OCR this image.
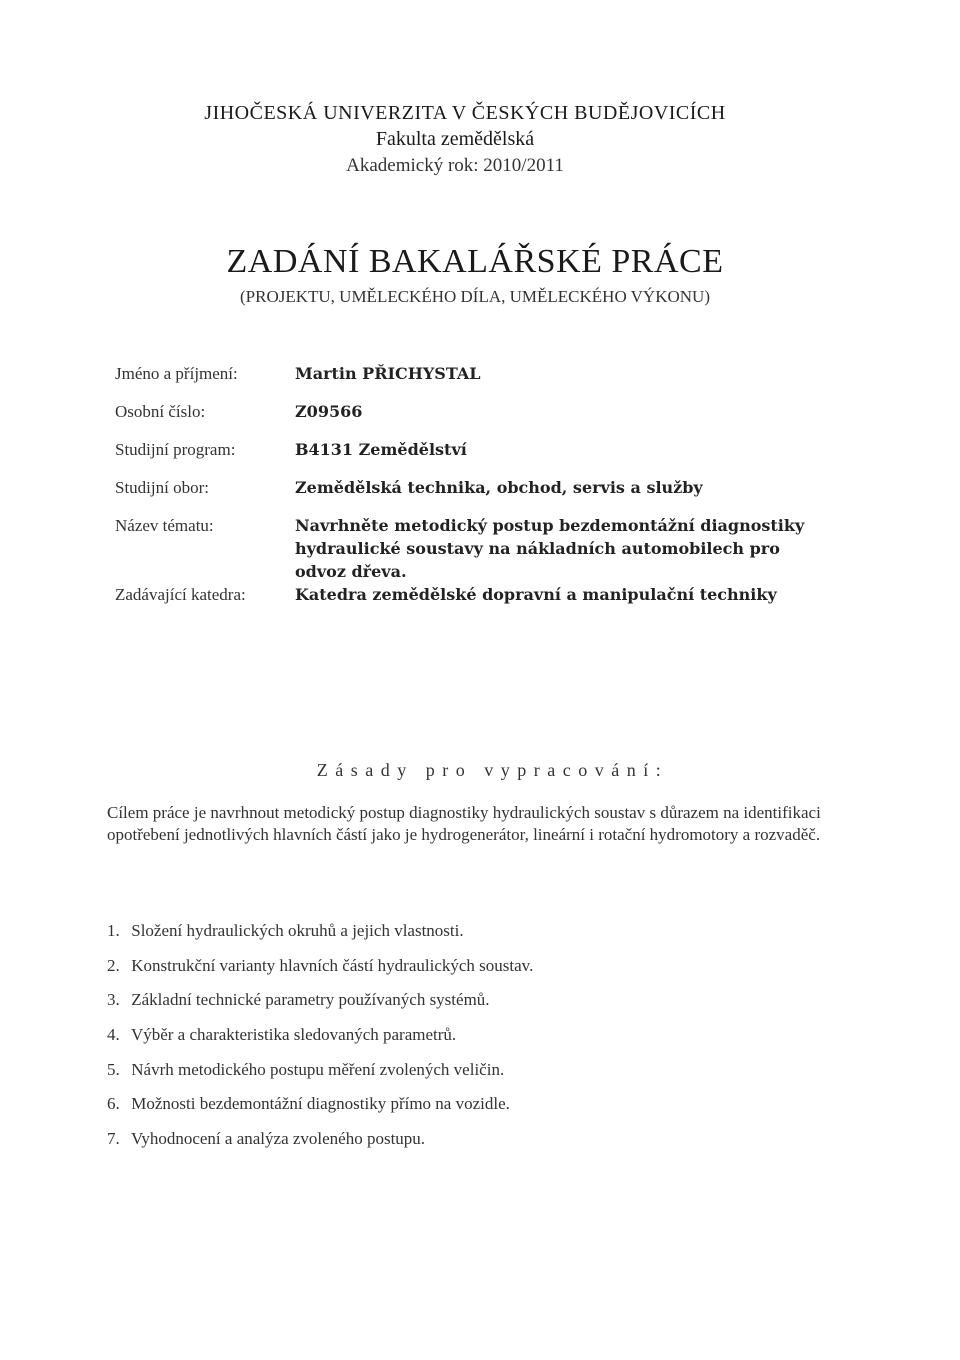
JIHOČESKÁ UNIVERZITA V ČESKÝCH BUDĚJOVICÍCH
Fakulta zemědělská
Akademický rok: 2010/2011
ZADÁNÍ BAKALÁŘSKÉ PRÁCE
(PROJEKTU, UMĚLECKÉHO DÍLA, UMĚLECKÉHO VÝKONU)
Jméno a příjmení:	Martin PŘICHYSTAL
Osobní číslo:	Z09566
Studijní program:	B4131 Zemědělství
Studijní obor:	Zemědělská technika, obchod, servis a služby
Název tématu:	Navrhněte metodický postup bezdemontážní diagnostiky hydraulické soustavy na nákladních automobilech pro odvoz dřeva.
Zadávající katedra:	Katedra zemědělské dopravní a manipulační techniky
Zásady pro vypracování:
Cílem práce je navrhnout metodický postup diagnostiky hydraulických soustav s důrazem na identifikaci opotřebení jednotlivých hlavních částí jako je hydrogenerátor, lineární i rotační hydromotory a rozvaděč.
1. Složení hydraulických okruhů a jejich vlastnosti.
2. Konstrukční varianty hlavních částí hydraulických soustav.
3. Základní technické parametry používaných systémů.
4. Výběr a charakteristika sledovaných parametrů.
5. Návrh metodického postupu měření zvolených veličin.
6. Možnosti bezdemontážní diagnostiky přímo na vozidle.
7. Vyhodnocení a analýza zvoleného postupu.
